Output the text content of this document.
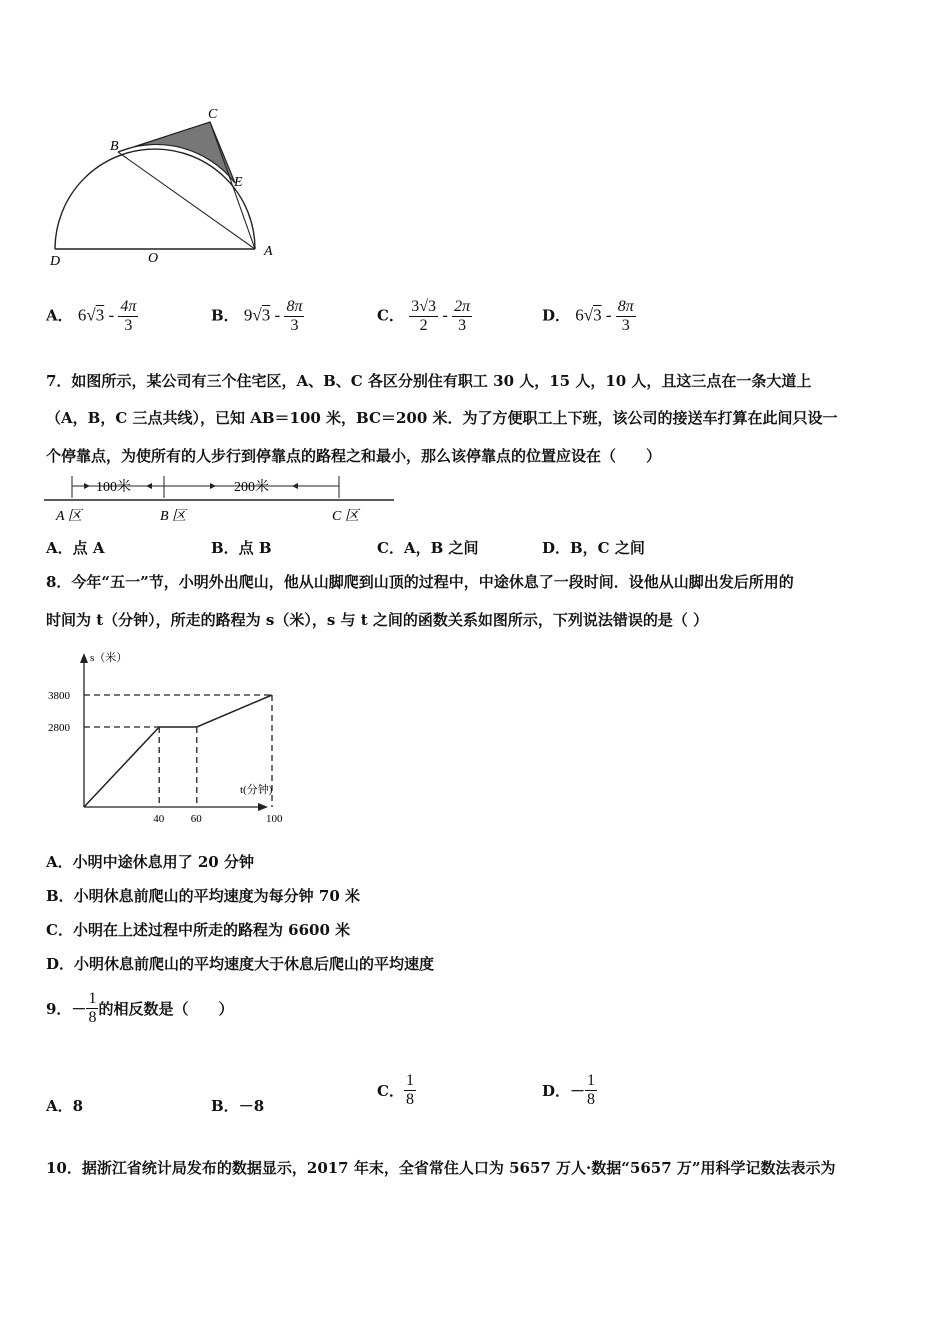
B
C
E
D	O	A
A． $6√3 - \frac{4\pi}{3}$	B． $9√3 - \frac{8\pi}{3}$	C． $\frac{3√3}{2} - \frac{2\pi}{3}$	D． $6√3 - \frac{8\pi}{3}$
7．如图所示，某公司有三个住宅区，A、B、C 各区分别住有职工 30 人，15 人，10 人，且这三点在一条大道上
（A，B，C 三点共线），已知 AB＝100 米，BC＝200 米．为了方便职工上下班，该公司的接送车打算在此间只设一
个停靠点，为使所有的人步行到停靠点的路程之和最小，那么该停靠点的位置应设在（　　）
100米	200米
A 区	B 区	C 区
A．点 A	B．点 B	C．A，B 之间	D．B，C 之间
8．今年“五一”节，小明外出爬山，他从山脚爬到山顶的过程中，中途休息了一段时间．设他从山脚出发后所用的
时间为 t（分钟），所走的路程为 s（米），s 与 t 之间的函数关系如图所示，下列说法错误的是（ ）
s（米）
t(分钟)
40 60	100
3800
2800
A．小明中途休息用了 20 分钟
B．小明休息前爬山的平均速度为每分钟 70 米
C．小明在上述过程中所走的路程为 6600 米
D．小明休息前爬山的平均速度大于休息后爬山的平均速度
9．－ $\frac{1}{8}$ 的相反数是（　　）
A．8	B．－8
C． $\frac{1}{8}$	D．－ $\frac{1}{8}$
10．据浙江省统计局发布的数据显示，2017 年末，全省常住人口为 5657 万人·数据“5657 万”用科学记数法表示为
